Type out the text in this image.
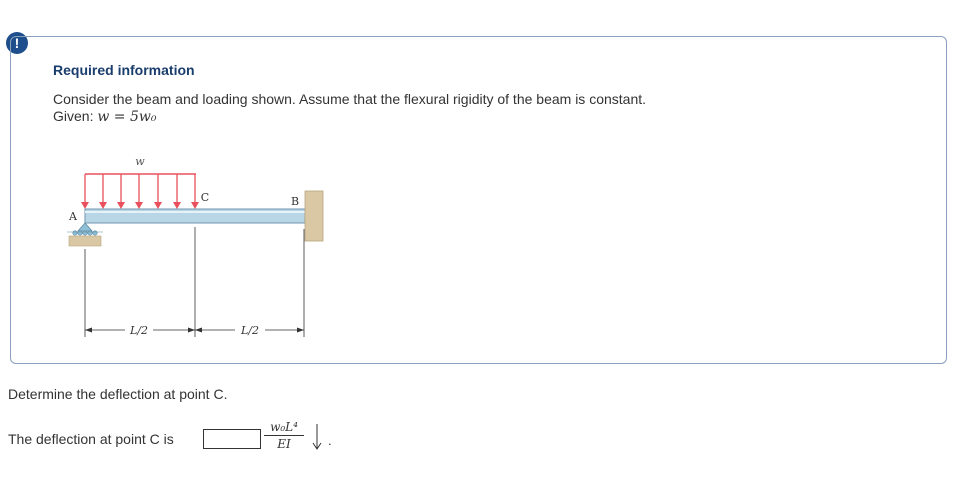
!
Required information
Consider the beam and loading shown. Assume that the flexural rigidity of the beam is constant.
Given: w = 5w₀
w
A
B
C
L/2	L/2
Determine the deflection at point C.
The deflection at point C is	$\frac{\text{w₀L⁴}}{EI}$ .
